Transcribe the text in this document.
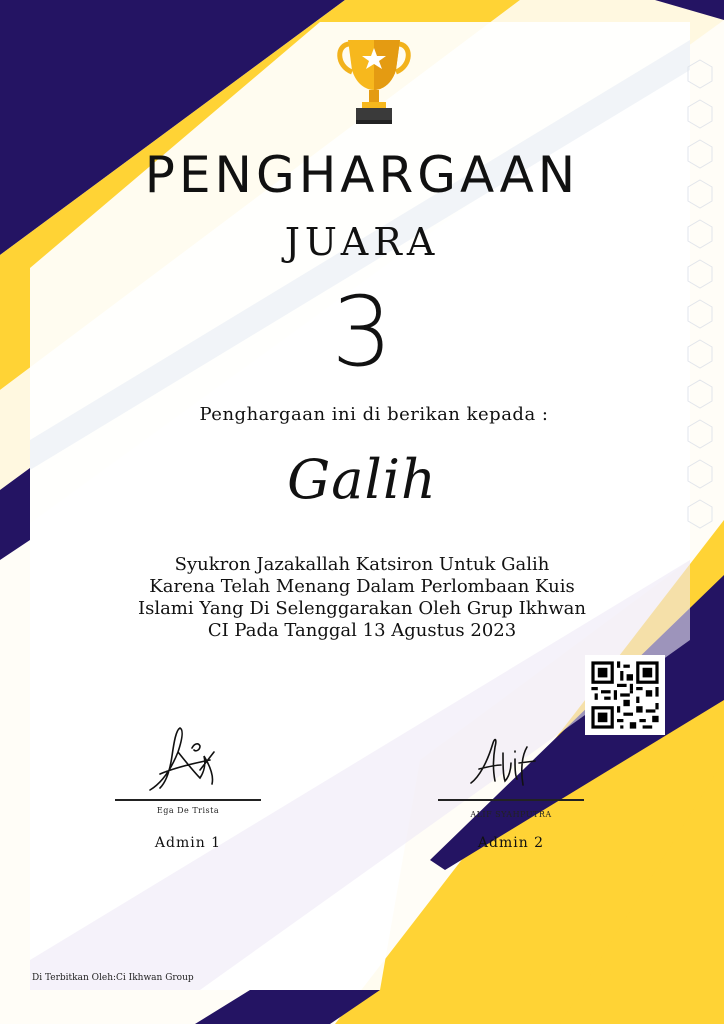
PENGHARGAAN
JUARA
3
Penghargaan ini di berikan kepada :
Galih
Syukron Jazakallah Katsiron Untuk Galih
Karena Telah Menang Dalam Perlombaan Kuis
Islami Yang Di Selenggarakan Oleh Grup Ikhwan
CI Pada Tanggal 13 Agustus 2023
Ega De Trista
Admin 1
ALIF SYAHPUTRA
Admin 2
Di Terbitkan Oleh:Ci Ikhwan Group
